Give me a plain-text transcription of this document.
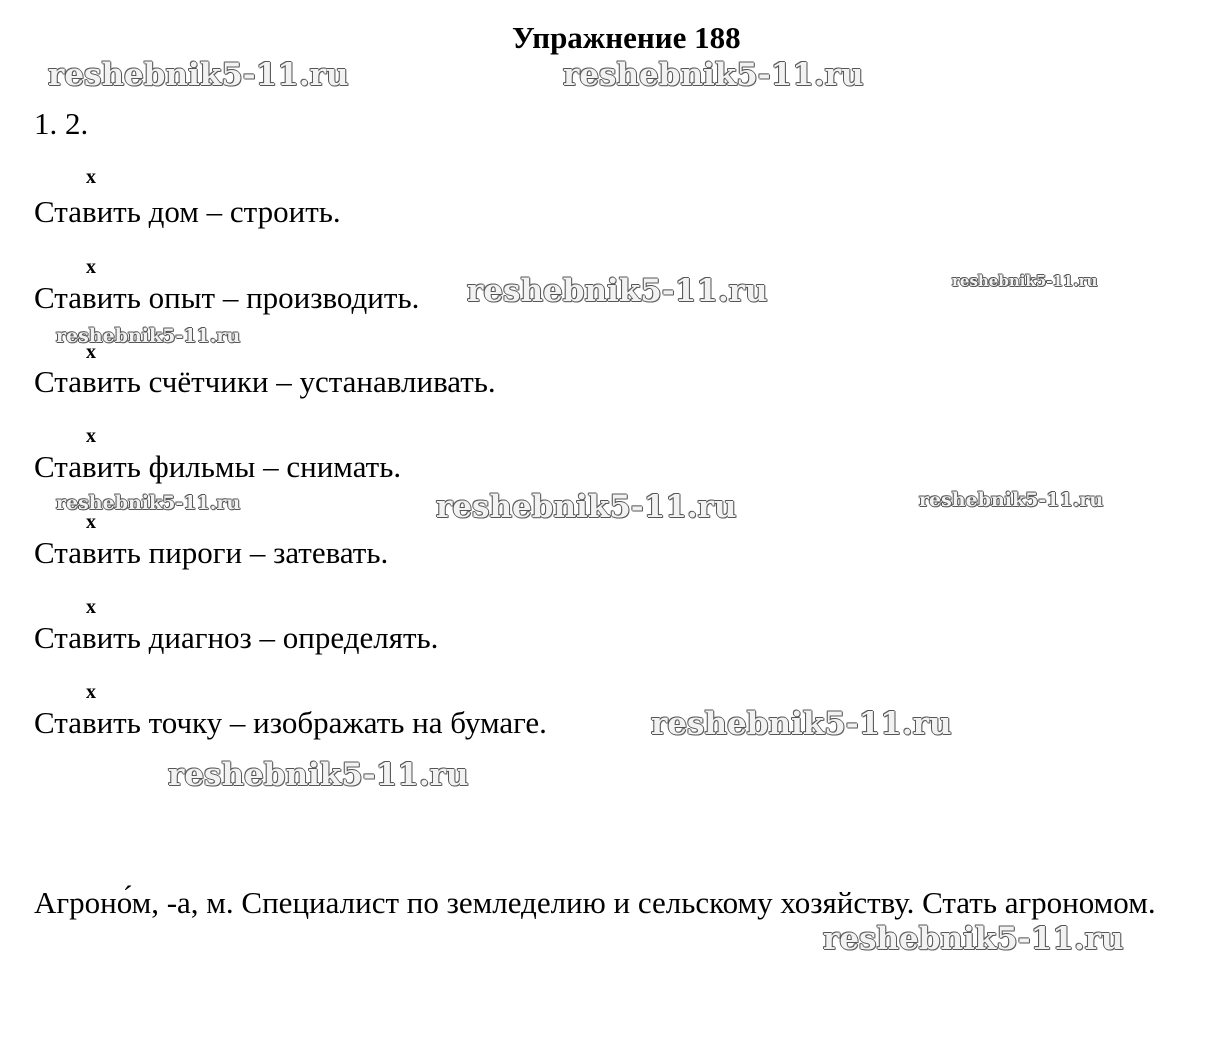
Упражнение 188
1. 2.
x
x
x
x
x
x
x
Ставить дом – строить.
Ставить опыт – производить.
Ставить счётчики – устанавливать.
Ставить фильмы – снимать.
Ставить пироги – затевать.
Ставить диагноз – определять.
Ставить точку – изображать на бумаге.
Агроно́м, -а, м. Специалист по земледелию и сельскому хозяйству. Стать агрономом.
reshebnik5-11.ru	reshebnik5-11.ru
reshebnik5-11.ru	reshebnik5-11.ru
reshebnik5-11.ru
reshebnik5-11.ru	reshebnik5-11.ru	reshebnik5-11.ru
reshebnik5-11.ru
reshebnik5-11.ru
reshebnik5-11.ru
